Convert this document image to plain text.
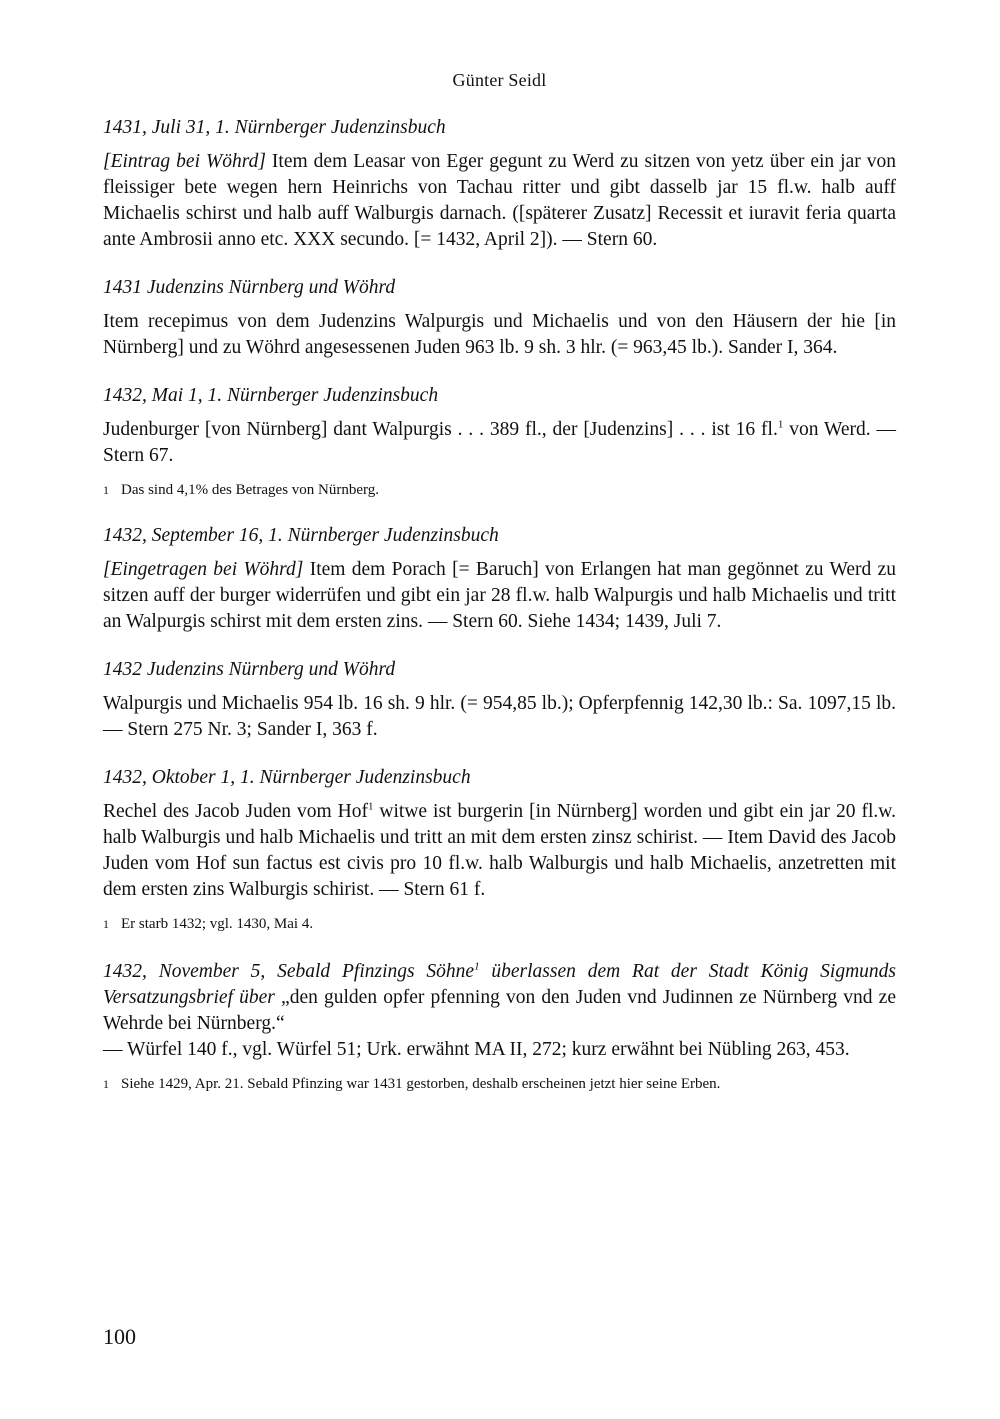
Günter Seidl
1431, Juli 31, 1. Nürnberger Judenzinsbuch

[Eintrag bei Wöhrd] Item dem Leasar von Eger gegunt zu Werd zu sitzen von yetz über ein jar von fleissiger bete wegen hern Heinrichs von Tachau ritter und gibt dasselb jar 15 fl.w. halb auff Michaelis schirst und halb auff Walburgis darnach. ([späterer Zusatz] Recessit et iuravit feria quarta ante Ambrosii anno etc. XXX secundo. [= 1432, April 2]). — Stern 60.

1431 Judenzins Nürnberg und Wöhrd

Item recepimus von dem Judenzins Walpurgis und Michaelis und von den Häusern der hie [in Nürnberg] und zu Wöhrd angesessenen Juden 963 lb. 9 sh. 3 hlr. (= 963,45 lb.). Sander I, 364.

1432, Mai 1, 1. Nürnberger Judenzinsbuch

Judenburger [von Nürnberg] dant Walpurgis . . . 389 fl., der [Judenzins] . . . ist 16 fl.$^1$ von Werd. — Stern 67.

1 Das sind 4,1% des Betrages von Nürnberg.

1432, September 16, 1. Nürnberger Judenzinsbuch

[Eingetragen bei Wöhrd] Item dem Porach [= Baruch] von Erlangen hat man gegönnet zu Werd zu sitzen auff der burger widerrüfen und gibt ein jar 28 fl.w. halb Walpurgis und halb Michaelis und tritt an Walpurgis schirst mit dem ersten zins. — Stern 60. Siehe 1434; 1439, Juli 7.

1432 Judenzins Nürnberg und Wöhrd

Walpurgis und Michaelis 954 lb. 16 sh. 9 hlr. (= 954,85 lb.); Opferpfennig 142,30 lb.: Sa. 1097,15 lb. — Stern 275 Nr. 3; Sander I, 363 f.

1432, Oktober 1, 1. Nürnberger Judenzinsbuch

Rechel des Jacob Juden vom Hof$^1$ witwe ist burgerin [in Nürnberg] worden und gibt ein jar 20 fl.w. halb Walburgis und halb Michaelis und tritt an mit dem ersten zinsz schirist. — Item David des Jacob Juden vom Hof sun factus est civis pro 10 fl.w. halb Walburgis und halb Michaelis, anzetretten mit dem ersten zins Walburgis schirist. — Stern 61 f.

1 Er starb 1432; vgl. 1430, Mai 4.

1432, November 5, Sebald Pfinzings Söhne$^1$ überlassen dem Rat der Stadt König Sigmunds Versatzungsbrief über „den gulden opfer pfenning von den Juden vnd Judinnen ze Nürnberg vnd ze Wehrde bei Nürnberg.“

— Würfel 140 f., vgl. Würfel 51; Urk. erwähnt MA II, 272; kurz erwähnt bei Nübling 263, 453.

1 Siehe 1429, Apr. 21. Sebald Pfinzing war 1431 gestorben, deshalb erscheinen jetzt hier seine Erben.

100
